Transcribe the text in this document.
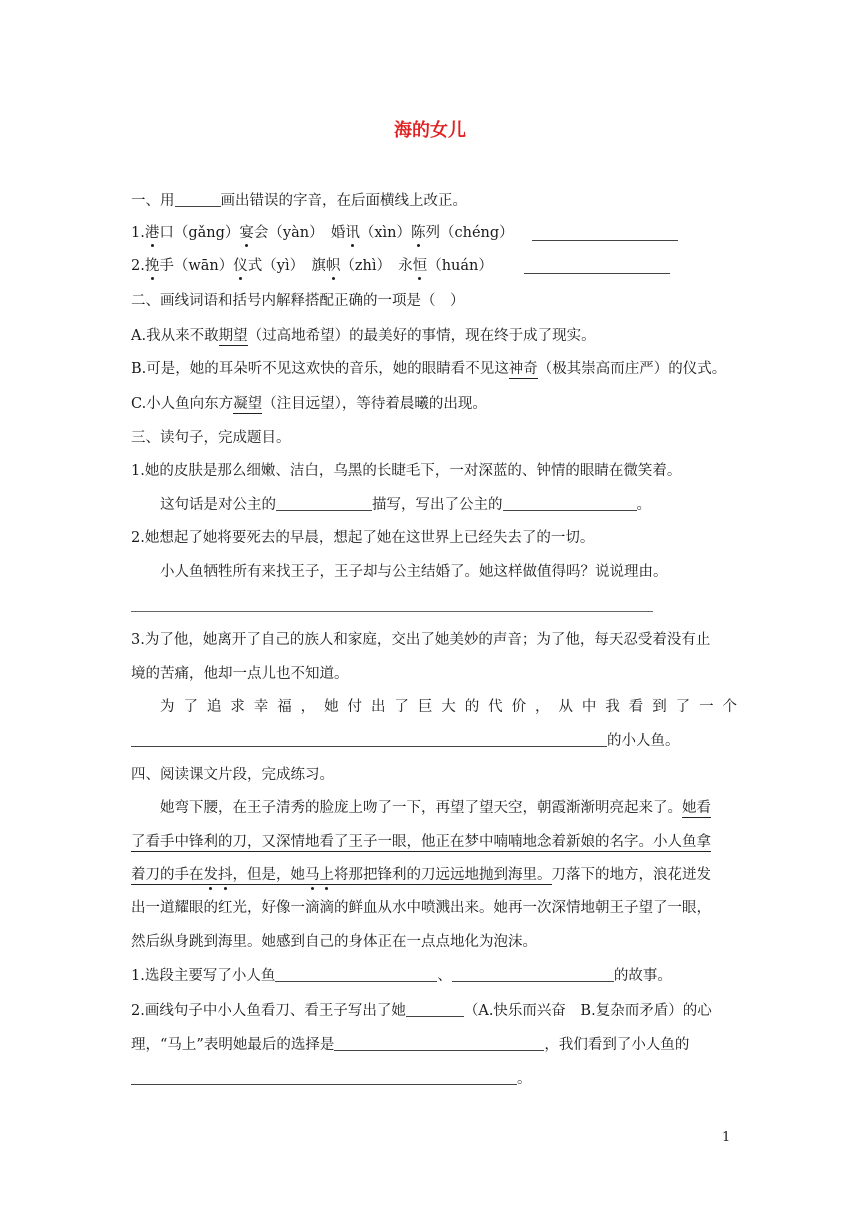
海的女儿
一、用	画出错误的字音，在后面横线上改正。
1.港口（gǎng）宴会（yàn）　婚讯（xìn）陈列（chéng）
2.挽手（wān）仪式（yì）　旗帜（zhì）　永恒（huán）
二、画线词语和括号内解释搭配正确的一项是（　）
A.我从来不敢期望（过高地希望）的最美好的事情，现在终于成了现实。
B.可是，她的耳朵听不见这欢快的音乐，她的眼睛看不见这神奇（极其崇高而庄严）的仪式。
C.小人鱼向东方凝望（注目远望），等待着晨曦的出现。
三、读句子，完成题目。
1.她的皮肤是那么细嫩、洁白，乌黑的长睫毛下，一对深蓝的、钟情的眼睛在微笑着。
这句话是对公主的	描写，写出了公主的	。
2.她想起了她将要死去的早晨，想起了她在这世界上已经失去了的一切。
小人鱼牺牲所有来找王子，王子却与公主结婚了。她这样做值得吗？说说理由。
3.为了他，她离开了自己的族人和家庭，交出了她美妙的声音；为了他，每天忍受着没有止
境的苦痛，他却一点儿也不知道。
为 了 追 求 幸 福 ， 她 付 出 了 巨 大 的 代 价 ， 从 中 我 看 到 了 一 个
的小人鱼。
四、阅读课文片段，完成练习。
她弯下腰，在王子清秀的脸庞上吻了一下，再望了望天空，朝霞渐渐明亮起来了。她看
了看手中锋利的刀，又深情地看了王子一眼，他正在梦中喃喃地念着新娘的名字。小人鱼拿
着刀的手在发抖，但是，她马上将那把锋利的刀远远地抛到海里。刀落下的地方，浪花迸发
出一道耀眼的红光，好像一滴滴的鲜血从水中喷溅出来。她再一次深情地朝王子望了一眼，
然后纵身跳到海里。她感到自己的身体正在一点点地化为泡沫。
1.选段主要写了小人鱼	、	的故事。
2.画线句子中小人鱼看刀、看王子写出了她	（A.快乐而兴奋　B.复杂而矛盾）的心
理，“马上”表明她最后的选择是	，我们看到了小人鱼的
。
1
